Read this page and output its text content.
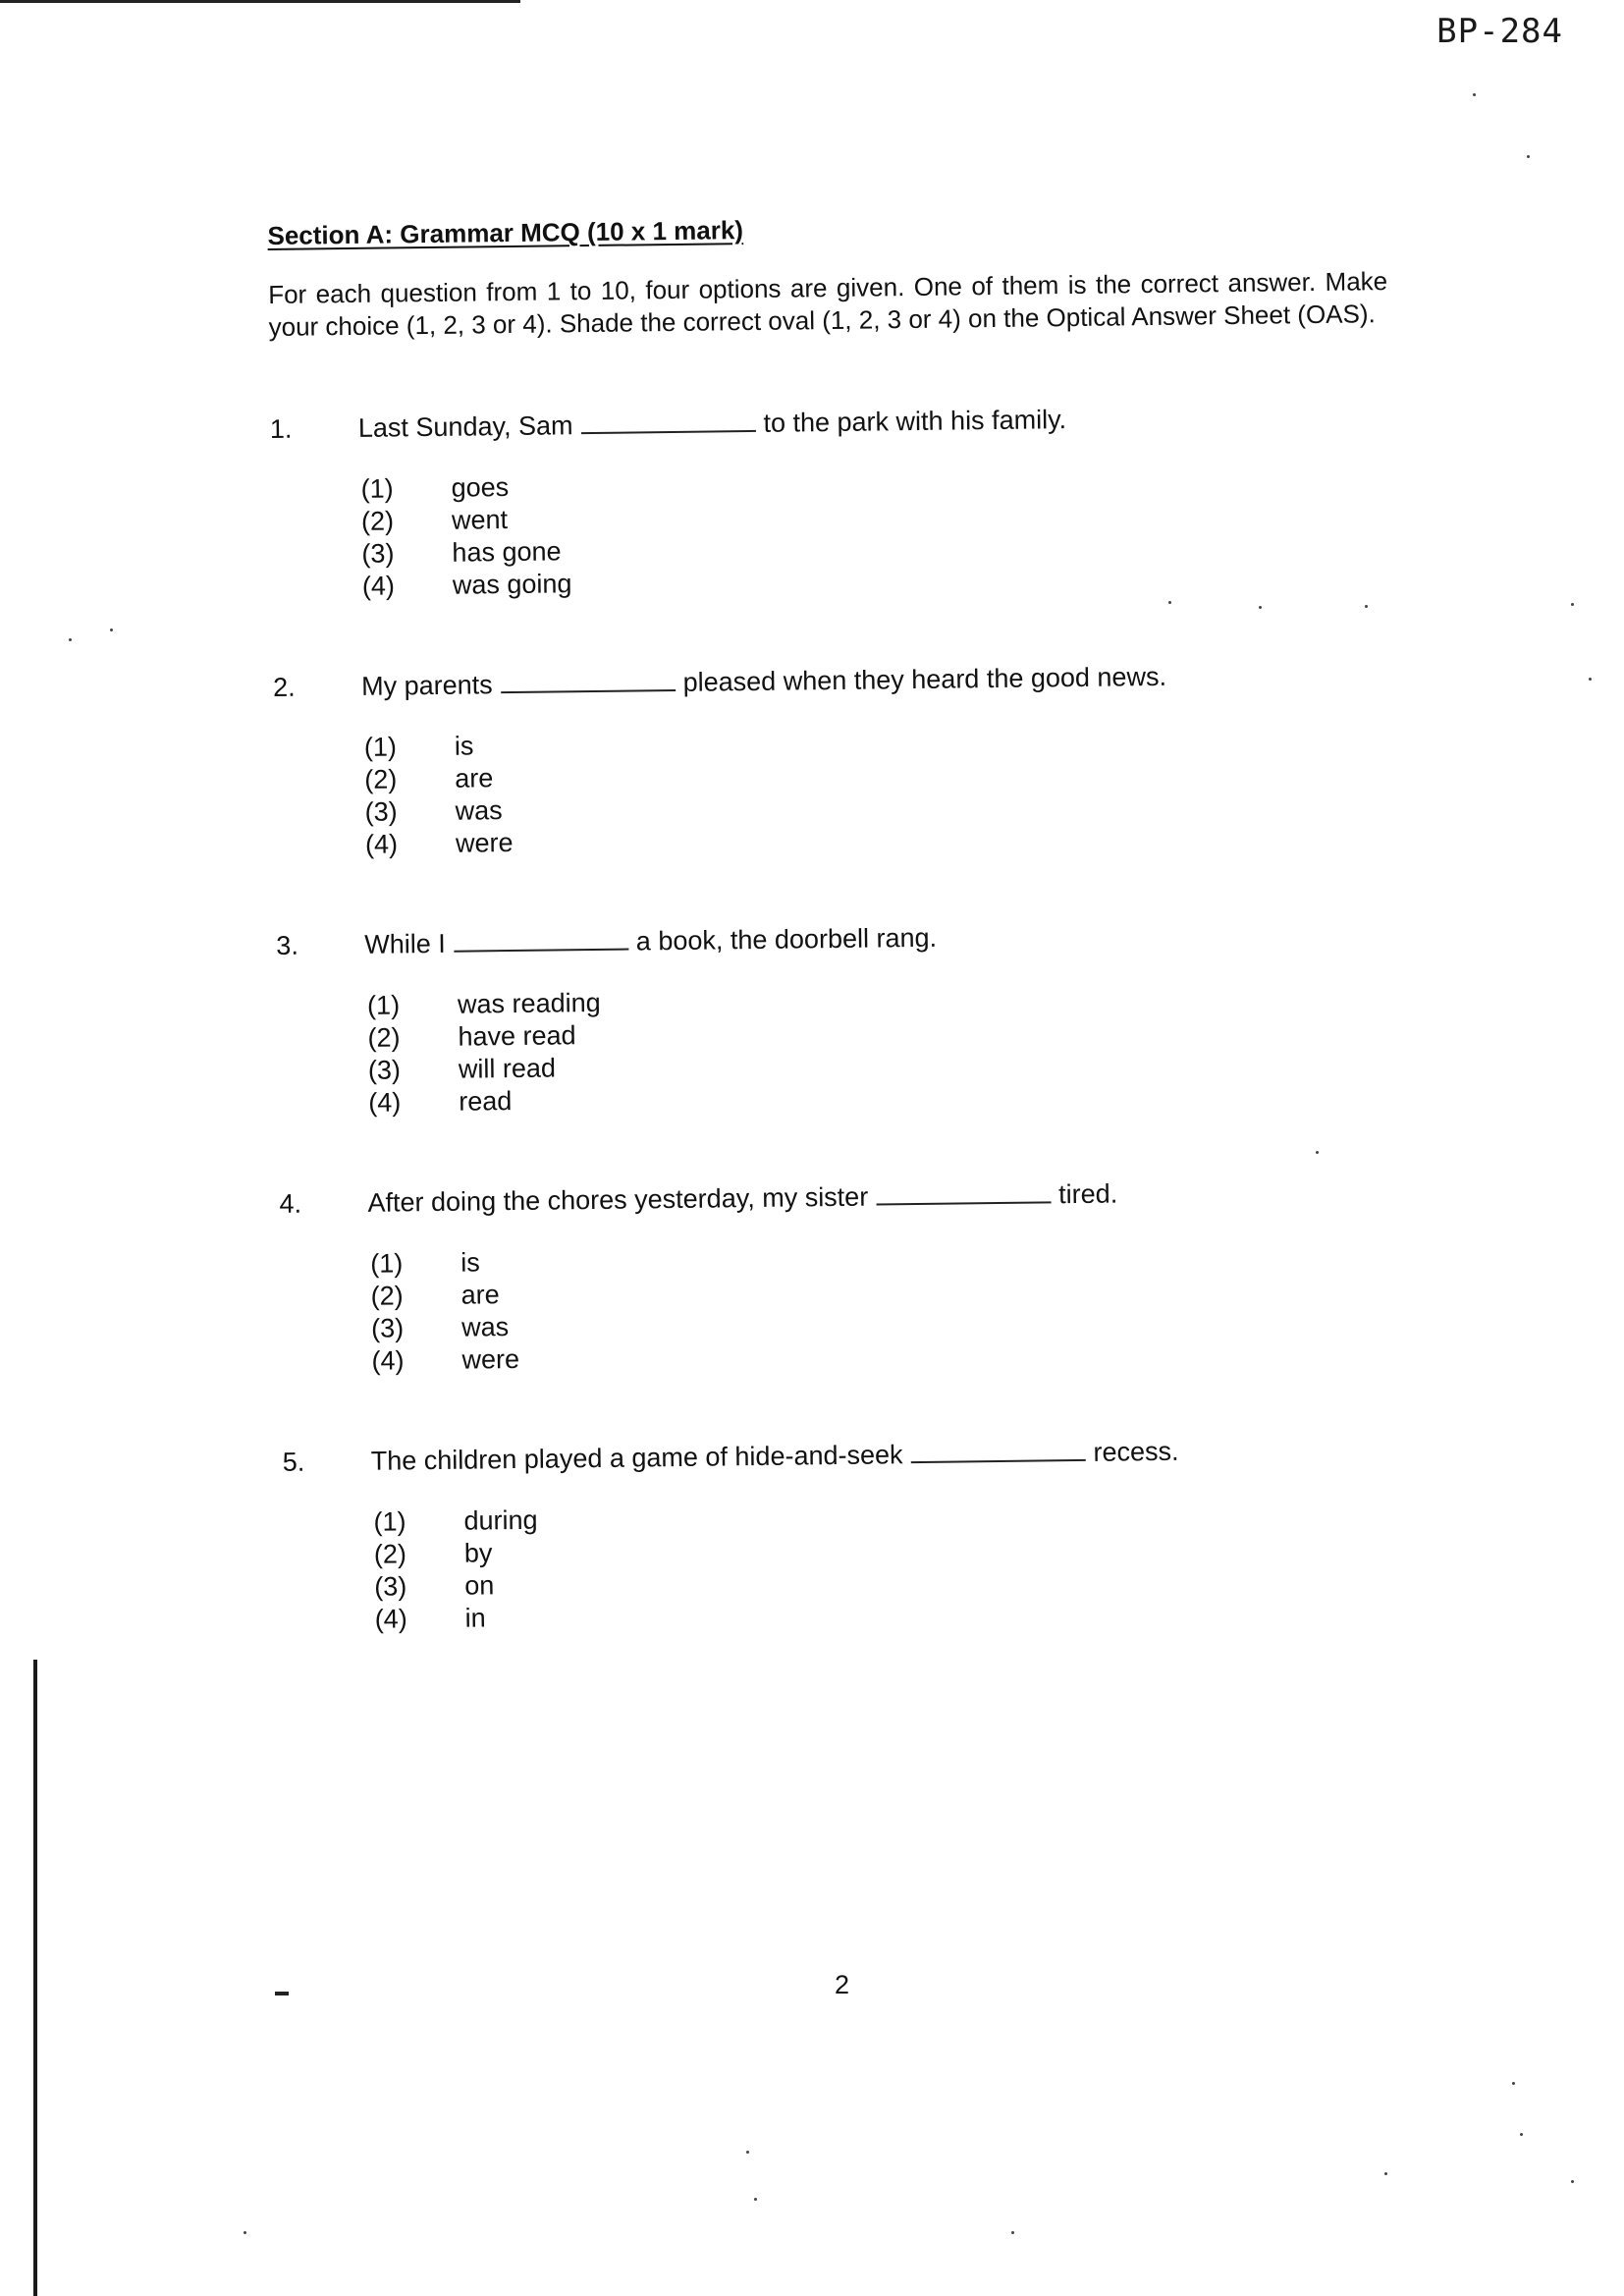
BP-284
Section A: Grammar MCQ (10 x 1 mark)
For each question from 1 to 10, four options are given. One of them is the correct answer. Make your choice (1, 2, 3 or 4). Shade the correct oval (1, 2, 3 or 4) on the Optical Answer Sheet (OAS).
1.	Last Sunday, Sam	to the park with his family.
(1)	goes
(2)	went
(3)	has gone
(4)	was going
2.	My parents	pleased when they heard the good news.
(1)	is
(2)	are
(3)	was
(4)	were
3.	While I	a book, the doorbell rang.
(1)	was reading
(2)	have read
(3)	will read
(4)	read
4.	After doing the chores yesterday, my sister	tired.
(1)	is
(2)	are
(3)	was
(4)	were
5.	The children played a game of hide-and-seek	recess.
(1)	during
(2)	by
(3)	on
(4)	in
2
